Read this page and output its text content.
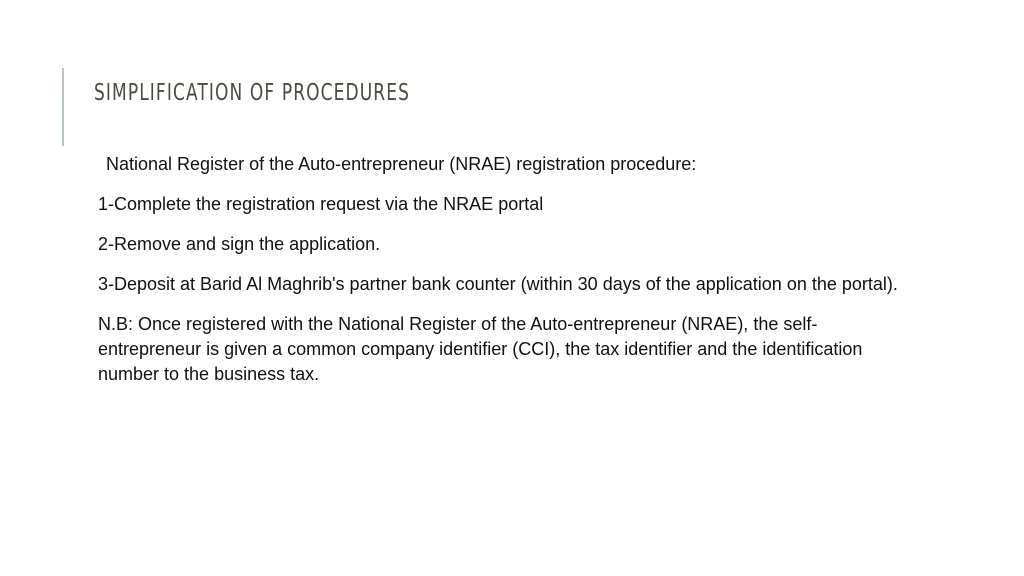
SIMPLIFICATION OF PROCEDURES

National Register of the Auto-entrepreneur (NRAE) registration procedure:

1-Complete the registration request via the NRAE portal

2-Remove and sign the application.

3-Deposit at Barid Al Maghrib's partner bank counter (within 30 days of the application on the portal).

N.B: Once registered with the National Register of the Auto-entrepreneur (NRAE), the self-entrepreneur is given a common company identifier (CCI), the tax identifier and the identification number to the business tax.
